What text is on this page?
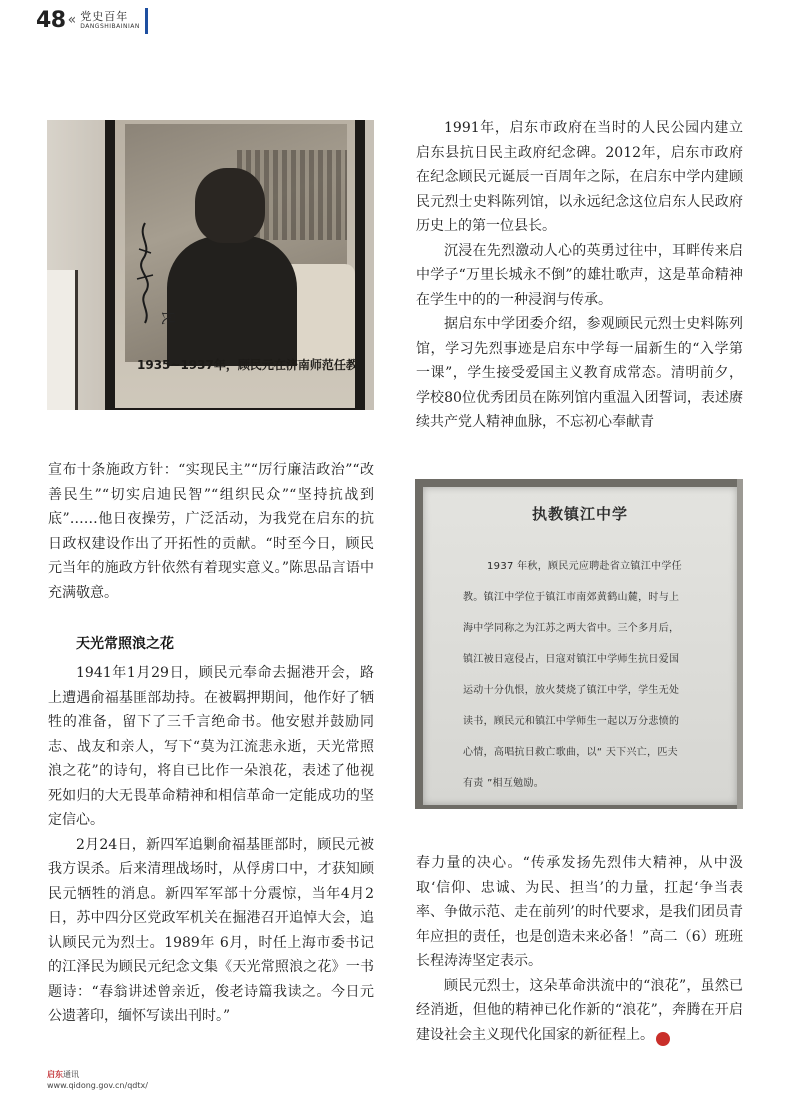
48 « 党史百年
DANGSHIBAINIAN
民
1935~1937年，顾民元在济南师范任教

1991年，启东市政府在当时的人民公园内建立启东县抗日民主政府纪念碑。2012年，启东市政府在纪念顾民元诞辰一百周年之际，在启东中学内建顾民元烈士史料陈列馆，以永远纪念这位启东人民政府历史上的第一位县长。

沉浸在先烈激动人心的英勇过往中，耳畔传来启中学子“万里长城永不倒”的雄壮歌声，这是革命精神在学生中的的一种浸润与传承。

据启东中学团委介绍，参观顾民元烈士史料陈列馆，学习先烈事迹是启东中学每一届新生的“入学第一课”，学生接受爱国主义教育成常态。清明前夕，学校80位优秀团员在陈列馆内重温入团誓词，表述赓续共产党人精神血脉，不忘初心奉献青

宣布十条施政方针：“实现民主”“厉行廉洁政治”“改善民生”“切实启迪民智”“组织民众”“坚持抗战到底”……他日夜操劳，广泛活动，为我党在启东的抗日政权建设作出了开拓性的贡献。“时至今日，顾民元当年的施政方针依然有着现实意义。”陈思品言语中充满敬意。

天光常照浪之花

1941年1月29日，顾民元奉命去掘港开会，路上遭遇俞福基匪部劫持。在被羁押期间，他作好了牺牲的准备，留下了三千言绝命书。他安慰并鼓励同志、战友和亲人，写下“莫为江流悲永逝，天光常照浪之花”的诗句，将自已比作一朵浪花，表述了他视死如归的大无畏革命精神和相信革命一定能成功的坚定信心。

2月24日，新四军追剿俞福基匪部时，顾民元被我方误杀。后来清理战场时，从俘虏口中，才获知顾民元牺牲的消息。新四军军部十分震惊，当年4月2日，苏中四分区党政军机关在掘港召开追悼大会，追认顾民元为烈士。1989年 6月，时任上海市委书记的江泽民为顾民元纪念文集《天光常照浪之花》一书题诗：“春翁讲述曾亲近，俊老诗篇我读之。今日元公遗著印，缅怀写读出刊时。”

执教镇江中学
1937 年秋，顾民元应聘赴省立镇江中学任
教。镇江中学位于镇江市南郊黄鹤山麓，时与上
海中学同称之为江苏之两大省中。三个多月后，
镇江被日寇侵占，日寇对镇江中学师生抗日爱国
运动十分仇恨，放火焚烧了镇江中学，学生无处
读书，顾民元和镇江中学师生一起以万分悲愤的
心情，高唱抗日救亡歌曲，以“ 天下兴亡，匹夫
有责 ”相互勉励。

春力量的决心。“传承发扬先烈伟大精神，从中汲取‘信仰、忠诚、为民、担当’的力量，扛起‘争当表率、争做示范、走在前列’的时代要求，是我们团员青年应担的责任，也是创造未来必备！”高二（6）班班长程涛涛坚定表示。

顾民元烈士，这朵革命洪流中的“浪花”，虽然已经消逝，但他的精神已化作新的“浪花”，奔腾在开启建设社会主义现代化国家的新征程上。	完

启东通讯
www.qidong.gov.cn/qdtx/
